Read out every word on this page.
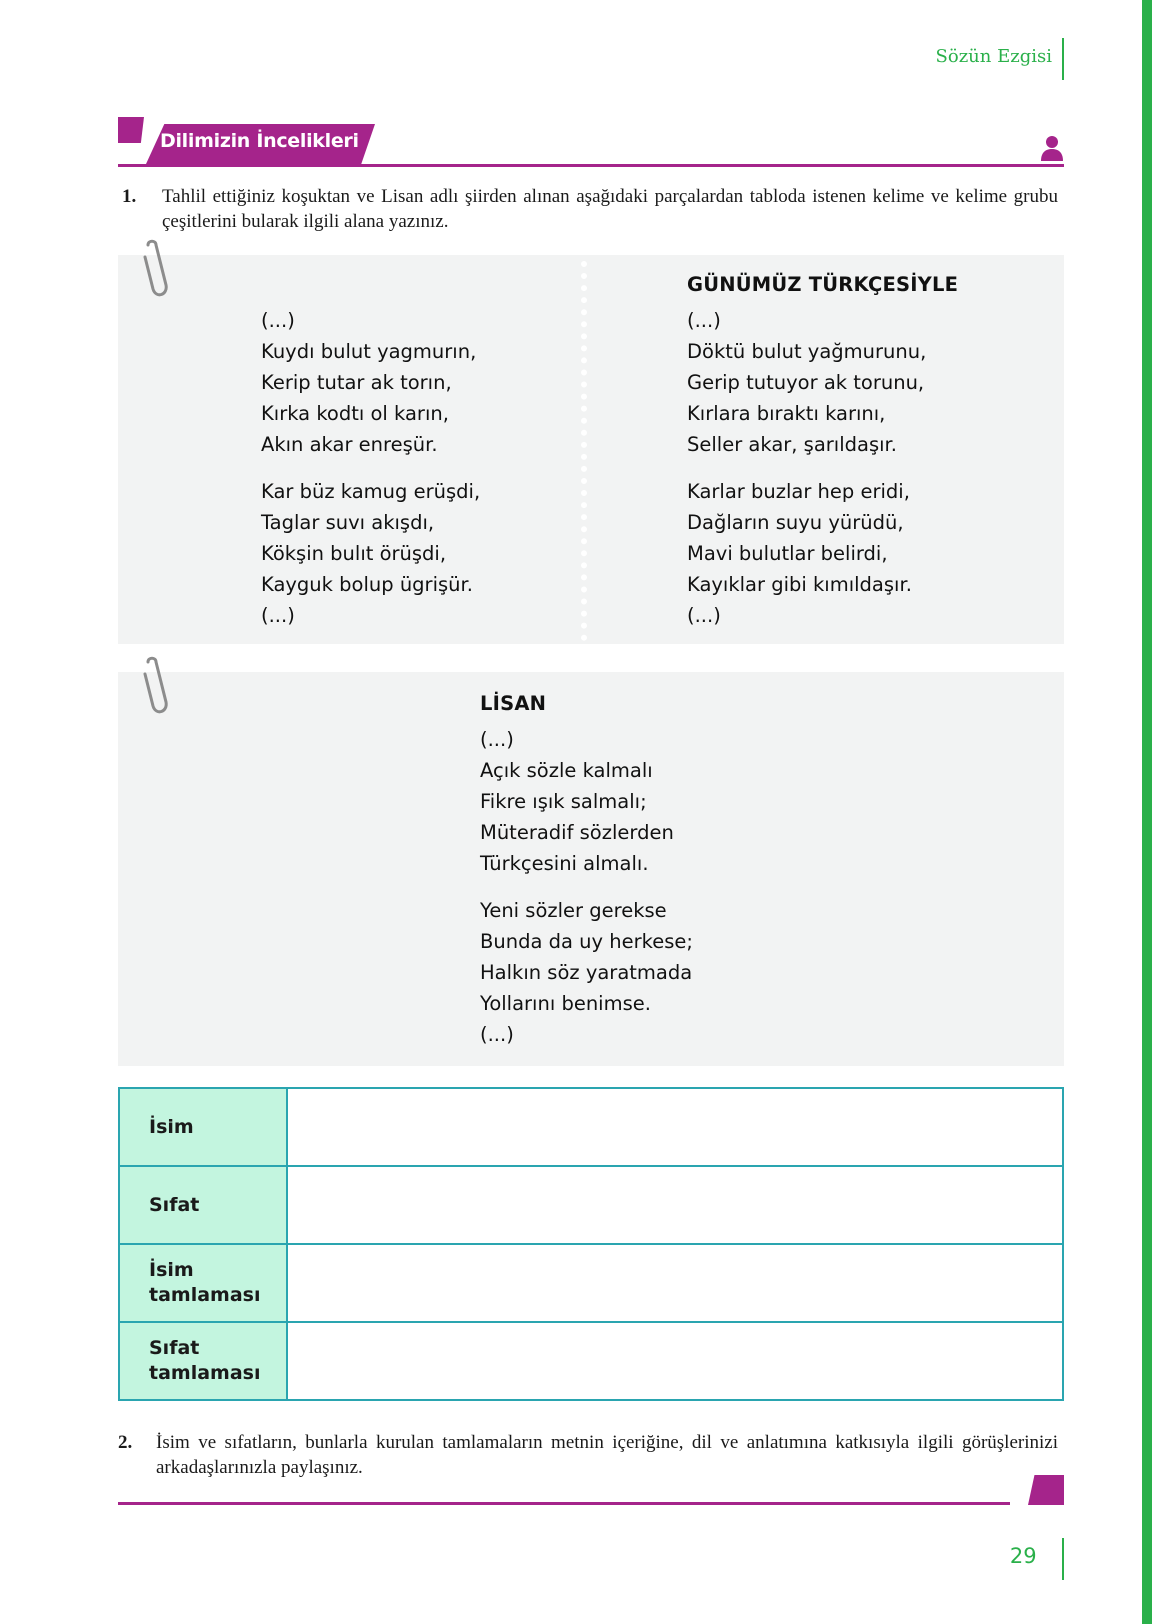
Sözün Ezgisi
Dilimizin İncelikleri
1. Tahlil ettiğiniz koşuktan ve Lisan adlı şiirden alınan aşağıdaki parçalardan tabloda istenen kelime ve kelime grubu çeşitlerini bularak ilgili alana yazınız.
(...)
Kuydı bulut yagmurın,
Kerip tutar ak torın,
Kırka kodtı ol karın,
Akın akar enreşür.
Kar büz kamug erüşdi,
Taglar suvı akışdı,
Kökşin bulıt örüşdi,
Kayguk bolup ügrişür.
(...)
GÜNÜMÜZ TÜRKÇESİYLE
(...)
Döktü bulut yağmurunu,
Gerip tutuyor ak torunu,
Kırlara bıraktı karını,
Seller akar, şarıldaşır.
Karlar buzlar hep eridi,
Dağların suyu yürüdü,
Mavi bulutlar belirdi,
Kayıklar gibi kımıldaşır.
(...)
LİSAN
(...)
Açık sözle kalmalı
Fikre ışık salmalı;
Müteradif sözlerden
Türkçesini almalı.
Yeni sözler gerekse
Bunda da uy herkese;
Halkın söz yaratmada
Yollarını benimse.
(...)
İsim	
Sıfat	
İsim tamlaması	
Sıfat tamlaması	
2. İsim ve sıfatların, bunlarla kurulan tamlamaların metnin içeriğine, dil ve anlatımına katkısıyla ilgili görüşlerinizi arkadaşlarınızla paylaşınız.
29
